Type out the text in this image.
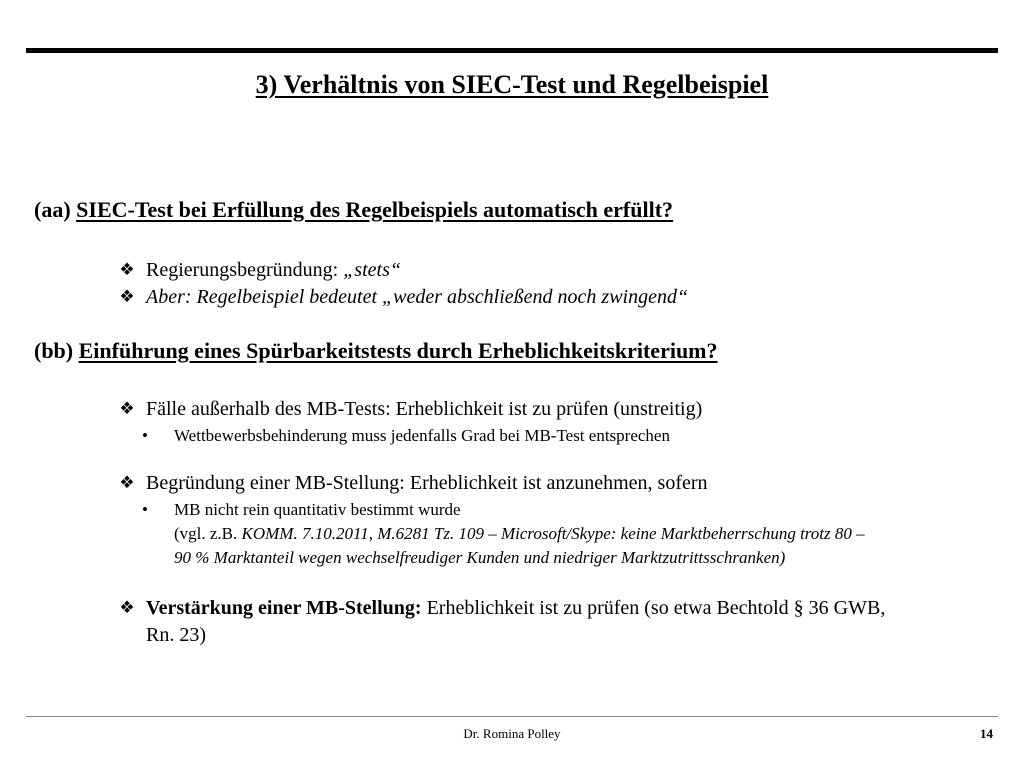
3) Verhältnis von SIEC-Test und Regelbeispiel
(aa) SIEC-Test bei Erfüllung des Regelbeispiels automatisch erfüllt?
❖ Regierungsbegründung: „stets“
❖ Aber: Regelbeispiel bedeutet „weder abschließend noch zwingend“
(bb) Einführung eines Spürbarkeitstests durch Erheblichkeitskriterium?
❖ Fälle außerhalb des MB-Tests: Erheblichkeit ist zu prüfen (unstreitig)
• Wettbewerbsbehinderung muss jedenfalls Grad bei MB-Test entsprechen
❖ Begründung einer MB-Stellung: Erheblichkeit ist anzunehmen, sofern
• MB nicht rein quantitativ bestimmt wurde
(vgl. z.B. KOMM. 7.10.2011, M.6281 Tz. 109 – Microsoft/Skype: keine Marktbeherrschung trotz 80 –
90 % Marktanteil wegen wechselfreudiger Kunden und niedriger Marktzutrittsschranken)
❖ Verstärkung einer MB-Stellung: Erheblichkeit ist zu prüfen (so etwa Bechtold § 36 GWB,
Rn. 23)
Dr. Romina Polley	14
